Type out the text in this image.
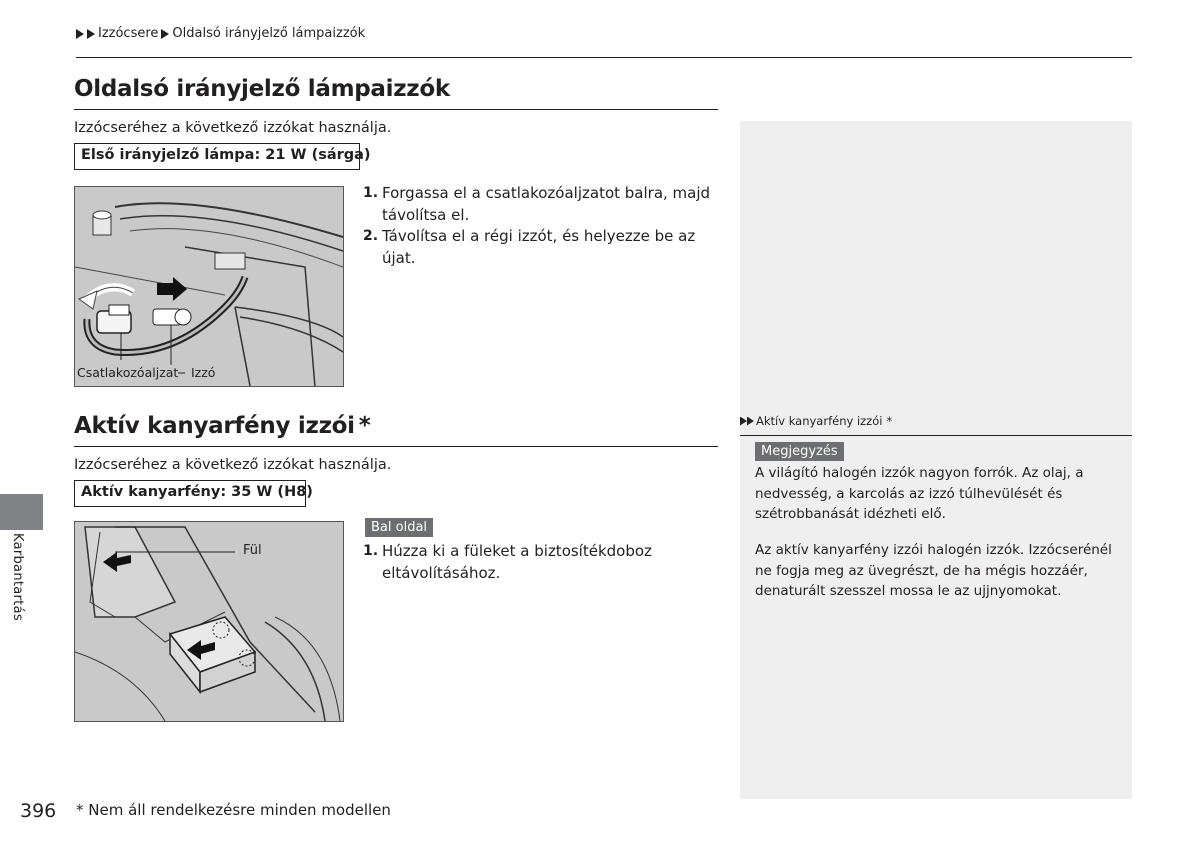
Izzócsere Oldalsó irányjelző lámpaizzók
Oldalsó irányjelző lámpaizzók
Izzócseréhez a következő izzókat használja.
Első irányjelző lámpa: 21 W (sárga)
Csatlakozóaljzat Izzó
1. Forgassa el a csatlakozóaljzatot balra, majd távolítsa el.
2. Távolítsa el a régi izzót, és helyezze be az újat.
Aktív kanyarfény izzói *
Izzócseréhez a következő izzókat használja.
Aktív kanyarfény: 35 W (H8)
Fül
Bal oldal
1. Húzza ki a füleket a biztosítékdoboz eltávolításához.
Aktív kanyarfény izzói *
Megjegyzés
A világító halogén izzók nagyon forrók. Az olaj, a nedvesség, a karcolás az izzó túlhevülését és szétrobbanását idézheti elő.
Az aktív kanyarfény izzói halogén izzók. Izzócserénél ne fogja meg az üvegrészt, de ha mégis hozzáér, denaturált szesszel mossa le az ujjnyomokat.
Karbantartás
396 * Nem áll rendelkezésre minden modellen
